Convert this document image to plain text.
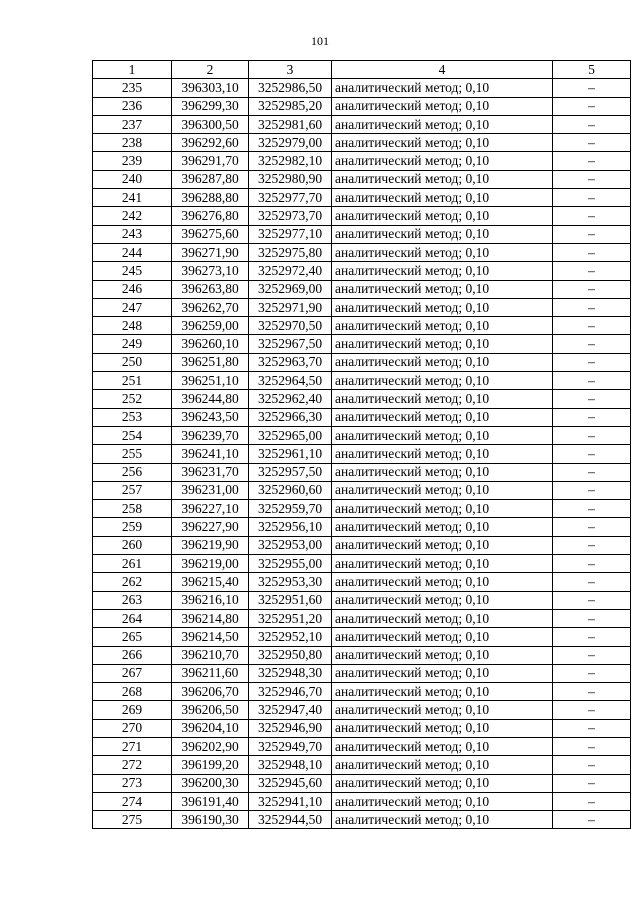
101
1	2	3	4	5
235	396303,10	3252986,50	аналитический метод; 0,10	–
236	396299,30	3252985,20	аналитический метод; 0,10	–
237	396300,50	3252981,60	аналитический метод; 0,10	–
238	396292,60	3252979,00	аналитический метод; 0,10	–
239	396291,70	3252982,10	аналитический метод; 0,10	–
240	396287,80	3252980,90	аналитический метод; 0,10	–
241	396288,80	3252977,70	аналитический метод; 0,10	–
242	396276,80	3252973,70	аналитический метод; 0,10	–
243	396275,60	3252977,10	аналитический метод; 0,10	–
244	396271,90	3252975,80	аналитический метод; 0,10	–
245	396273,10	3252972,40	аналитический метод; 0,10	–
246	396263,80	3252969,00	аналитический метод; 0,10	–
247	396262,70	3252971,90	аналитический метод; 0,10	–
248	396259,00	3252970,50	аналитический метод; 0,10	–
249	396260,10	3252967,50	аналитический метод; 0,10	–
250	396251,80	3252963,70	аналитический метод; 0,10	–
251	396251,10	3252964,50	аналитический метод; 0,10	–
252	396244,80	3252962,40	аналитический метод; 0,10	–
253	396243,50	3252966,30	аналитический метод; 0,10	–
254	396239,70	3252965,00	аналитический метод; 0,10	–
255	396241,10	3252961,10	аналитический метод; 0,10	–
256	396231,70	3252957,50	аналитический метод; 0,10	–
257	396231,00	3252960,60	аналитический метод; 0,10	–
258	396227,10	3252959,70	аналитический метод; 0,10	–
259	396227,90	3252956,10	аналитический метод; 0,10	–
260	396219,90	3252953,00	аналитический метод; 0,10	–
261	396219,00	3252955,00	аналитический метод; 0,10	–
262	396215,40	3252953,30	аналитический метод; 0,10	–
263	396216,10	3252951,60	аналитический метод; 0,10	–
264	396214,80	3252951,20	аналитический метод; 0,10	–
265	396214,50	3252952,10	аналитический метод; 0,10	–
266	396210,70	3252950,80	аналитический метод; 0,10	–
267	396211,60	3252948,30	аналитический метод; 0,10	–
268	396206,70	3252946,70	аналитический метод; 0,10	–
269	396206,50	3252947,40	аналитический метод; 0,10	–
270	396204,10	3252946,90	аналитический метод; 0,10	–
271	396202,90	3252949,70	аналитический метод; 0,10	–
272	396199,20	3252948,10	аналитический метод; 0,10	–
273	396200,30	3252945,60	аналитический метод; 0,10	–
274	396191,40	3252941,10	аналитический метод; 0,10	–
275	396190,30	3252944,50	аналитический метод; 0,10	–
